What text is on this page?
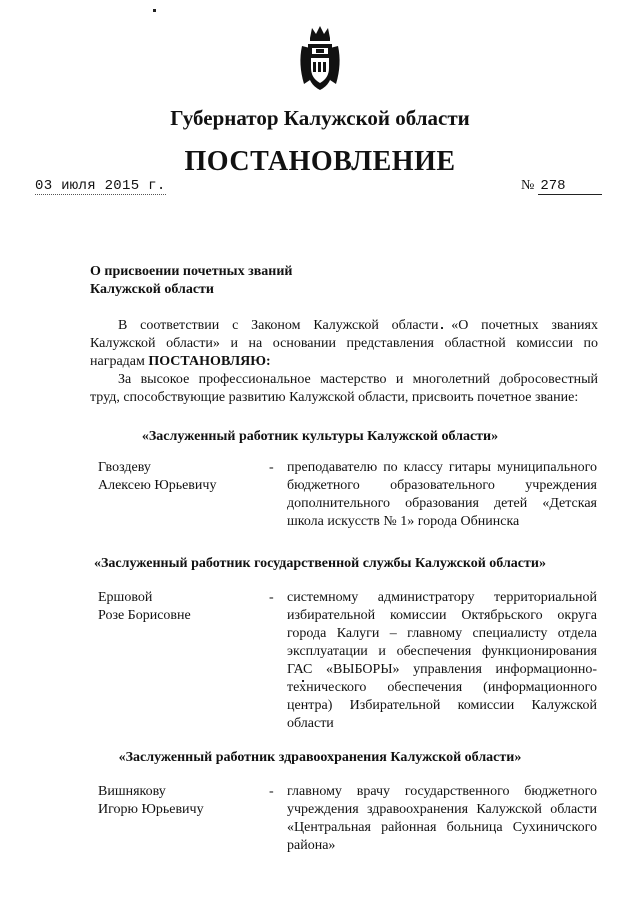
Губернатор Калужской области
ПОСТАНОВЛЕНИЕ
03 июля 2015 г.	№ 278
О присвоении почетных званий
Калужской области
В соответствии с Законом Калужской области «О почетных званиях
Калужской области» и на основании представления областной комиссии по
наградам ПОСТАНОВЛЯЮ:
За высокое профессиональное мастерство и многолетний добросовестный
труд, способствующие развитию Калужской области, присвоить почетное звание:
«Заслуженный работник культуры Калужской области»
Гвоздеву
Алексею Юрьевичу
- преподавателю по классу гитары муниципального
бюджетного образовательного учреждения
дополнительного образования детей «Детская
школа искусств № 1» города Обнинска
«Заслуженный работник государственной службы Калужской области»
Ершовой
Розе Борисовне
- системному администратору территориальной
избирательной комиссии Октябрьского округа
города Калуги – главному специалисту отдела
эксплуатации и обеспечения функционирования
ГАС «ВЫБОРЫ» управления информационно-
технического обеспечения (информационного
центра) Избирательной комиссии Калужской
области
«Заслуженный работник здравоохранения Калужской области»
Вишнякову
Игорю Юрьевичу
- главному врачу государственного бюджетного
учреждения здравоохранения Калужской области
«Центральная районная больница Сухиничского
района»
